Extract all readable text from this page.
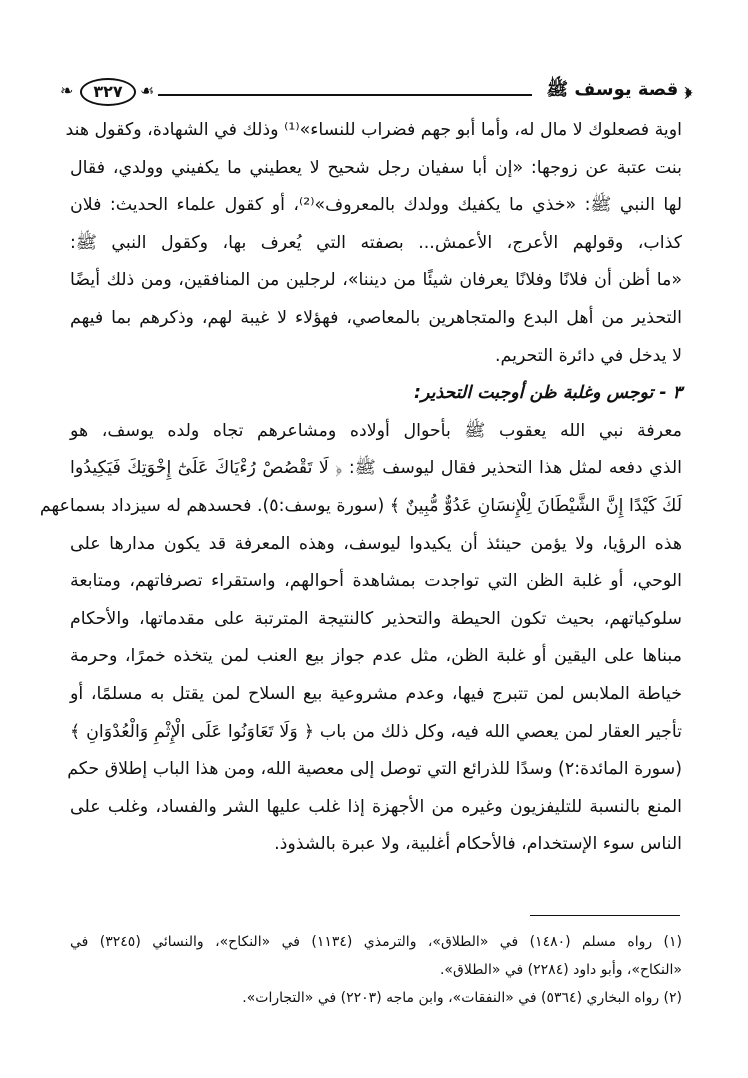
❧	٣٢٧	☙	﴿ قصة يوسف ﷺ
اوية فصعلوك لا مال له، وأما أبو جهم فضراب للنساء»⁽¹⁾ وذلك في الشهادة، وكقول هند
بنت عتبة عن زوجها: «إن أبا سفيان رجل شحيح لا يعطيني ما يكفيني وولدي، فقال
لها النبي ﷺ: «خذي ما يكفيك وولدك بالمعروف»⁽²⁾، أو كقول علماء الحديث: فلان
كذاب، وقولهم الأعرج، الأعمش... بصفته التي يُعرف بها، وكقول النبي ﷺ:
«ما أظن أن فلانًا وفلانًا يعرفان شيئًا من ديننا»، لرجلين من المنافقين، ومن ذلك أيضًا
التحذير من أهل البدع والمتجاهرين بالمعاصي، فهؤلاء لا غيبة لهم، وذكرهم بما فيهم
لا يدخل في دائرة التحريم.
٣ - توجس وغلبة ظن أوجبت التحذير:
معرفة نبي الله يعقوب ﷺ بأحوال أولاده ومشاعرهم تجاه ولده يوسف، هو
الذي دفعه لمثل هذا التحذير فقال ليوسف ﷺ: ﴿ لَا تَقْصُصْ رُءْيَاكَ عَلَىٰٓ إِخْوَتِكَ فَيَكِيدُوا
لَكَ كَيْدًا إِنَّ الشَّيْطَانَ لِلْإِنسَانِ عَدُوٌّ مُّبِينٌ ﴾ (سورة يوسف:٥). فحسدهم له سيزداد بسماعهم
هذه الرؤيا، ولا يؤمن حينئذ أن يكيدوا ليوسف، وهذه المعرفة قد يكون مدارها على
الوحي، أو غلبة الظن التي تواجدت بمشاهدة أحوالهم، واستقراء تصرفاتهم، ومتابعة
سلوكياتهم، بحيث تكون الحيطة والتحذير كالنتيجة المترتبة على مقدماتها، والأحكام
مبناها على اليقين أو غلبة الظن، مثل عدم جواز بيع العنب لمن يتخذه خمرًا، وحرمة
خياطة الملابس لمن تتبرج فيها، وعدم مشروعية بيع السلاح لمن يقتل به مسلمًا، أو
تأجير العقار لمن يعصي الله فيه، وكل ذلك من باب ﴿ وَلَا تَعَاوَنُوا عَلَى الْإِثْمِ وَالْعُدْوَانِ ﴾
(سورة المائدة:٢) وسدًا للذرائع التي توصل إلى معصية الله، ومن هذا الباب إطلاق حكم
المنع بالنسبة للتليفزيون وغيره من الأجهزة إذا غلب عليها الشر والفساد، وغلب على
الناس سوء الإستخدام، فالأحكام أغلبية، ولا عبرة بالشذوذ.
(١) رواه مسلم (١٤٨٠) في «الطلاق»، والترمذي (١١٣٤) في «النكاح»، والنسائي (٣٢٤٥) في
«النكاح»، وأبو داود (٢٢٨٤) في «الطلاق».
(٢) رواه البخاري (٥٣٦٤) في «النفقات»، وابن ماجه (٢٢٠٣) في «التجارات».
